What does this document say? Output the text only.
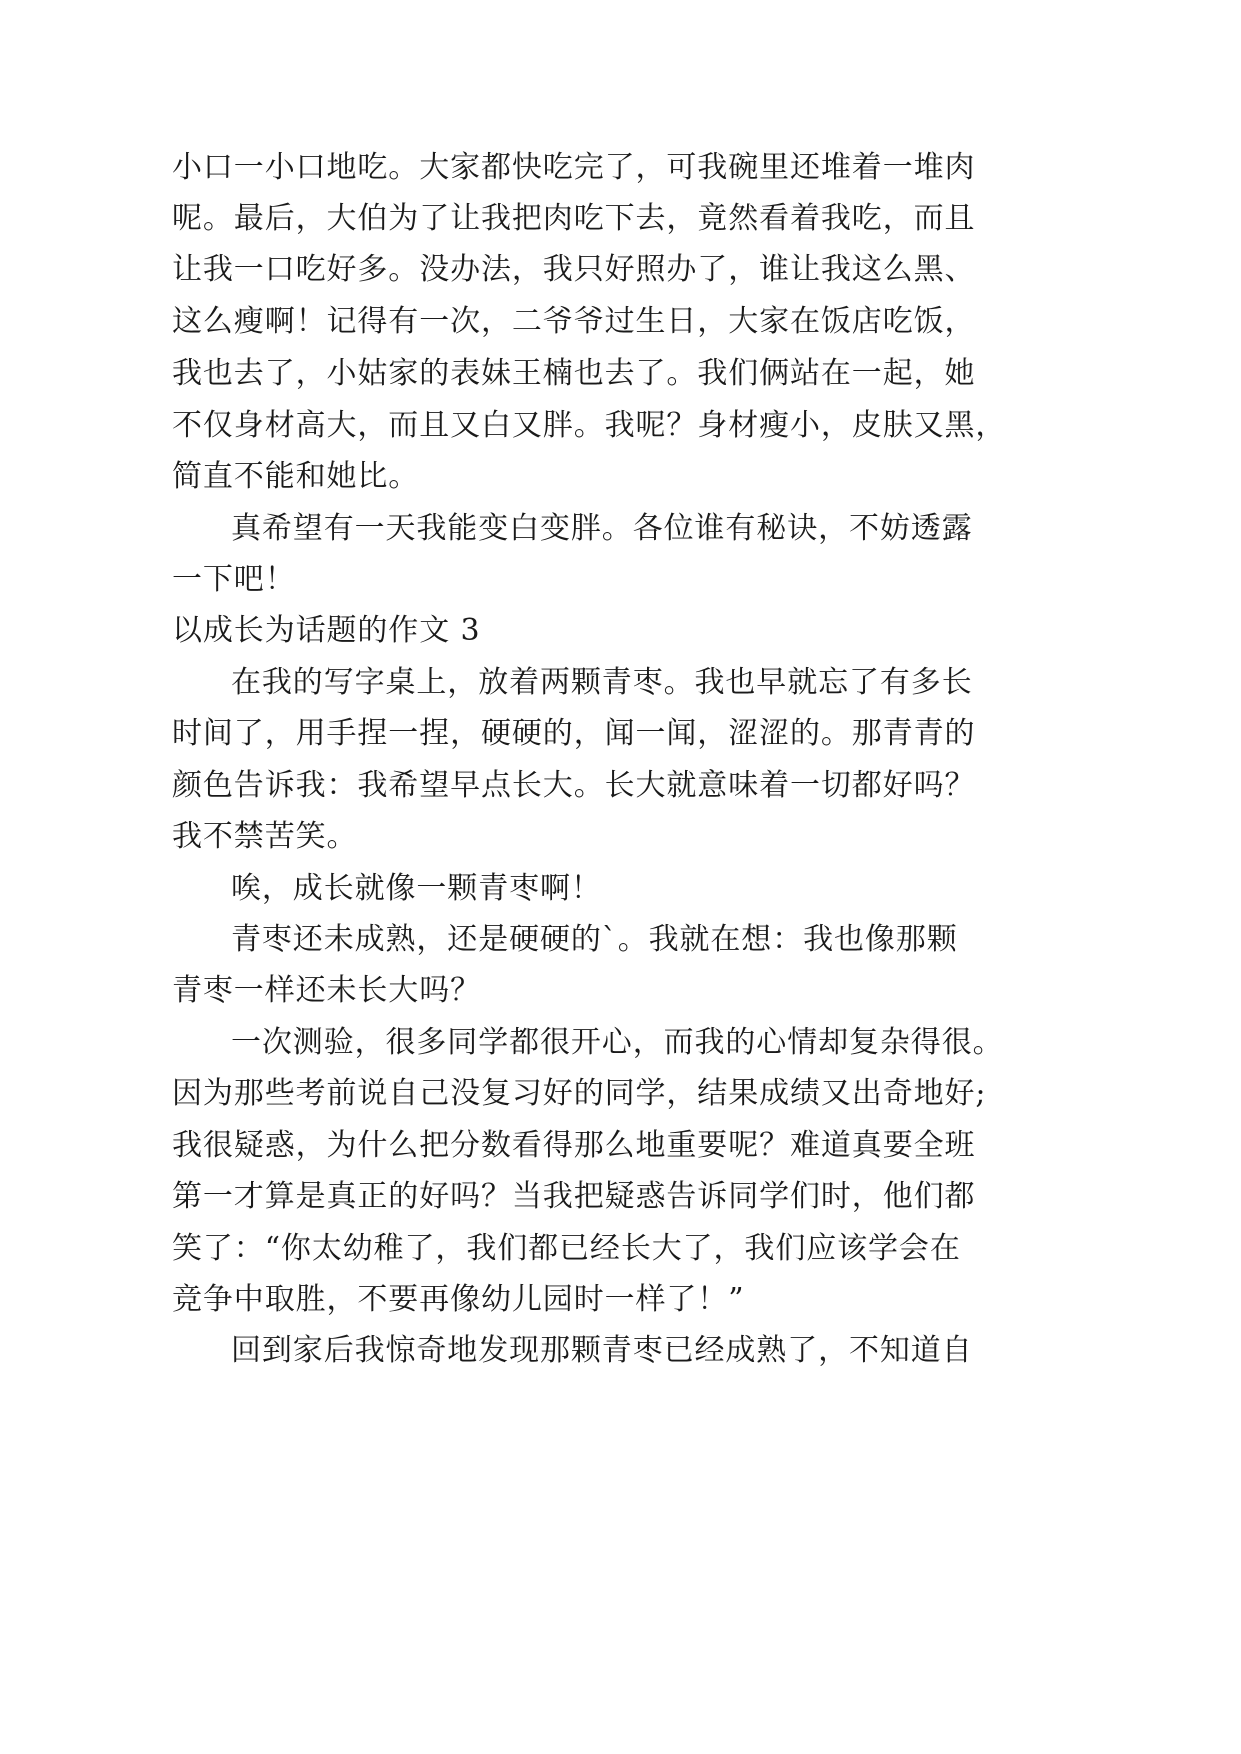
小口一小口地吃。大家都快吃完了，可我碗里还堆着一堆肉
呢。最后，大伯为了让我把肉吃下去，竟然看着我吃，而且
让我一口吃好多。没办法，我只好照办了，谁让我这么黑、
这么瘦啊！记得有一次，二爷爷过生日，大家在饭店吃饭，
我也去了，小姑家的表妹王楠也去了。我们俩站在一起，她
不仅身材高大，而且又白又胖。我呢？身材瘦小，皮肤又黑，
简直不能和她比。
真希望有一天我能变白变胖。各位谁有秘诀，不妨透露
一下吧！
以成长为话题的作文 3
在我的写字桌上，放着两颗青枣。我也早就忘了有多长
时间了，用手捏一捏，硬硬的，闻一闻，涩涩的。那青青的
颜色告诉我：我希望早点长大。长大就意味着一切都好吗？
我不禁苦笑。
唉，成长就像一颗青枣啊！
青枣还未成熟，还是硬硬的`。我就在想：我也像那颗
青枣一样还未长大吗？
一次测验，很多同学都很开心，而我的心情却复杂得很。
因为那些考前说自己没复习好的同学，结果成绩又出奇地好;
我很疑惑，为什么把分数看得那么地重要呢？难道真要全班
第一才算是真正的好吗？当我把疑惑告诉同学们时，他们都
笑了：“你太幼稚了，我们都已经长大了，我们应该学会在
竞争中取胜，不要再像幼儿园时一样了！”
回到家后我惊奇地发现那颗青枣已经成熟了，不知道自
